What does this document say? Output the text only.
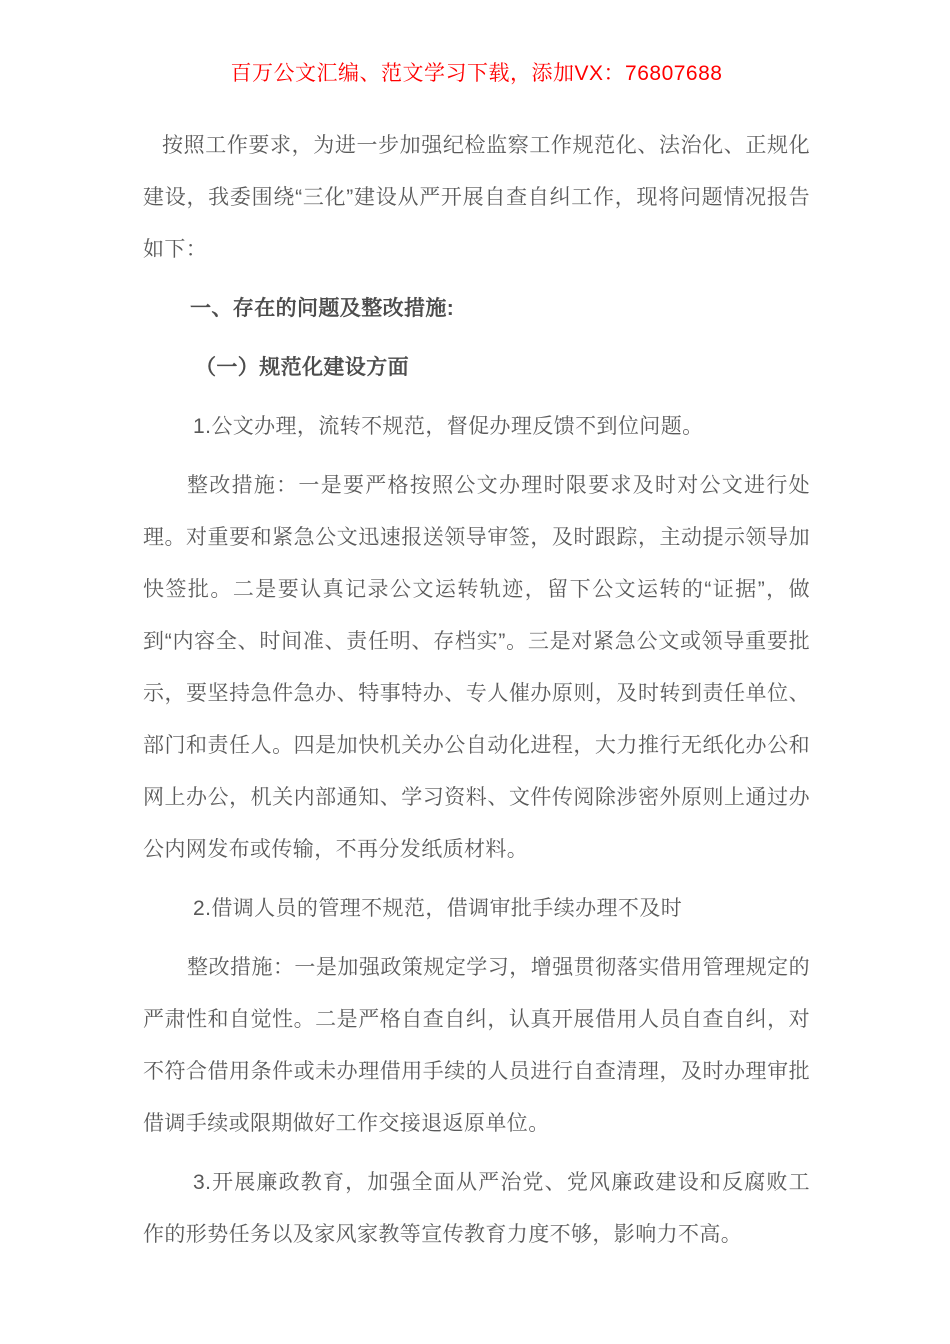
百万公文汇编、范文学习下载，添加VX：76807688

按照工作要求，为进一步加强纪检监察工作规范化、法治化、正规化建设，我委围绕“三化”建设从严开展自查自纠工作，现将问题情况报告如下：

一、存在的问题及整改措施:

（一）规范化建设方面

1.公文办理，流转不规范，督促办理反馈不到位问题。

整改措施：一是要严格按照公文办理时限要求及时对公文进行处理。对重要和紧急公文迅速报送领导审签，及时跟踪，主动提示领导加快签批。二是要认真记录公文运转轨迹，留下公文运转的“证据”，做到“内容全、时间准、责任明、存档实”。三是对紧急公文或领导重要批示，要坚持急件急办、特事特办、专人催办原则，及时转到责任单位、部门和责任人。四是加快机关办公自动化进程，大力推行无纸化办公和网上办公，机关内部通知、学习资料、文件传阅除涉密外原则上通过办公内网发布或传输，不再分发纸质材料。

2.借调人员的管理不规范，借调审批手续办理不及时

整改措施：一是加强政策规定学习，增强贯彻落实借用管理规定的严肃性和自觉性。二是严格自查自纠，认真开展借用人员自查自纠，对不符合借用条件或未办理借用手续的人员进行自查清理，及时办理审批借调手续或限期做好工作交接退返原单位。

3.开展廉政教育，加强全面从严治党、党风廉政建设和反腐败工作的形势任务以及家风家教等宣传教育力度不够，影响力不高。
